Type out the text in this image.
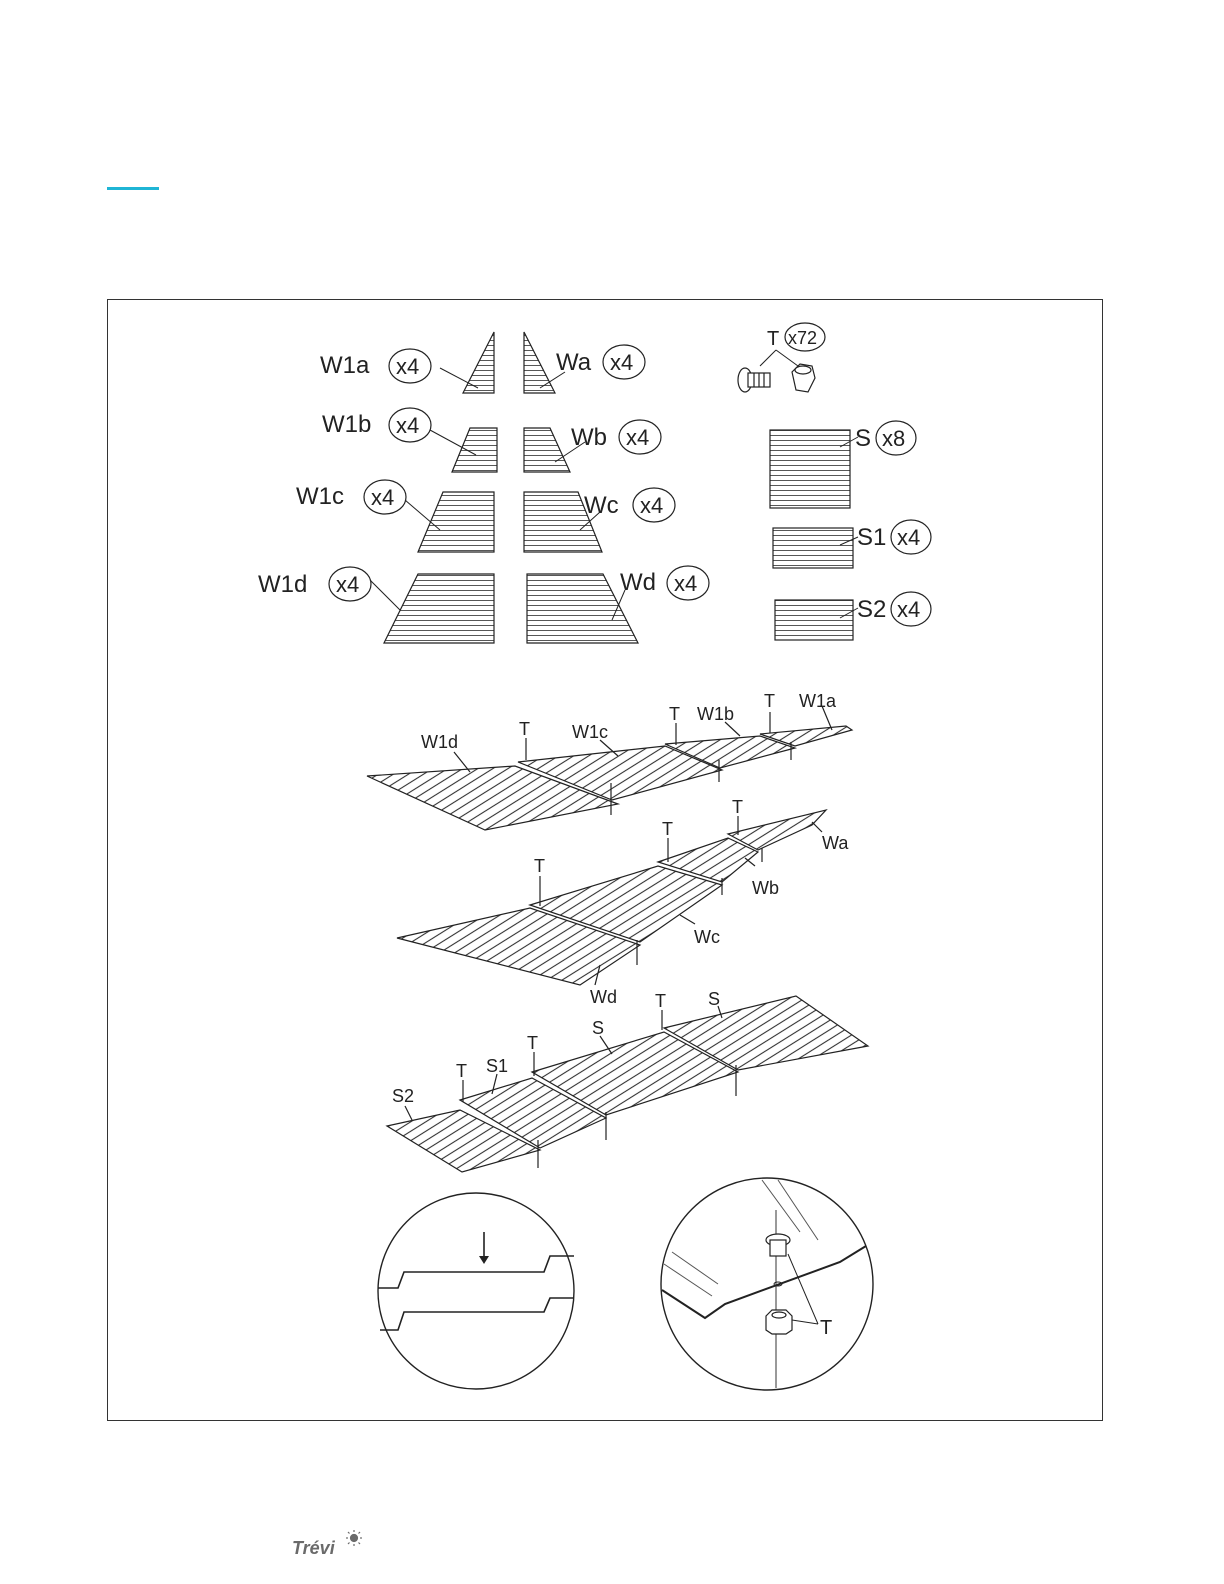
W1a x4
W1b x4
W1c x4
W1d x4
Wa x4
Wb x4
Wc x4
Wd x4
S x8
S1 x4
S2 x4
T x72
W1d	W1c
W1b
W1a
T
T
T
T
T
T
Wa
Wb
Wc
Wd
S2
S1
S
S
T
T
T
T
Trévi
